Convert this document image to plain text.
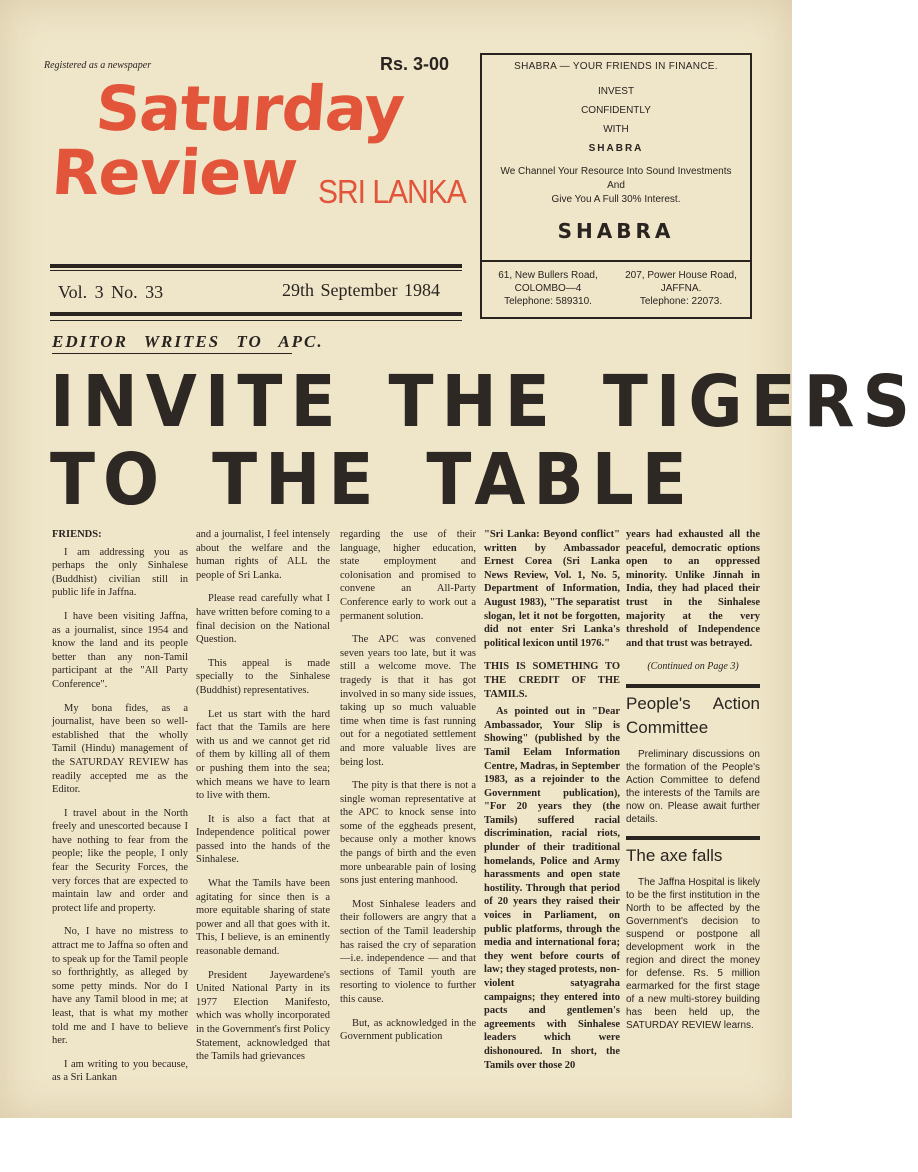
Registered as a newspaper	Rs. 3-00
Saturday
Review SRI LANKA
SHABRA — YOUR FRIENDS IN FINANCE.
INVEST
CONFIDENTLY
WITH
SHABRA
We Channel Your Resource Into Sound Investments
And
Give You A Full 30% Interest.
SHABRA
61, New Bullers Road,
COLOMBO—4
Telephone: 589310.
207, Power House Road,
JAFFNA.
Telephone: 22073.
Vol. 3 No. 33	29th September 1984
EDITOR WRITES TO APC.
INVITE THE TIGERS
TO THE TABLE
FRIENDS:

I am addressing you as perhaps the only Sinhalese (Buddhist) civilian still in public life in Jaffna.

I have been visiting Jaffna, as a journalist, since 1954 and know the land and its people better than any non-Tamil participant at the "All Party Conference".

My bona fides, as a journalist, have been so well-established that the wholly Tamil (Hindu) management of the SATURDAY REVIEW has readily accepted me as the Editor.

I travel about in the North freely and unescorted because I have nothing to fear from the people; like the people, I only fear the Security Forces, the very forces that are expected to maintain law and order and protect life and property.

No, I have no mistress to attract me to Jaffna so often and to speak up for the Tamil people so forthrightly, as alleged by some petty minds. Nor do I have any Tamil blood in me; at least, that is what my mother told me and I have to believe her.

I am writing to you because, as a Sri Lankan

and a journalist, I feel intensely about the welfare and the human rights of ALL the people of Sri Lanka.

Please read carefully what I have written before coming to a final decision on the National Question.

This appeal is made specially to the Sinhalese (Buddhist) representatives.

Let us start with the hard fact that the Tamils are here with us and we cannot get rid of them by killing all of them or pushing them into the sea; which means we have to learn to live with them.

It is also a fact that at Independence political power passed into the hands of the Sinhalese.

What the Tamils have been agitating for since then is a more equitable sharing of state power and all that goes with it. This, I believe, is an eminently reasonable demand.

President Jayewardene's United National Party in its 1977 Election Manifesto, which was wholly incorporated in the Government's first Policy Statement, acknowledged that the Tamils had grievances

regarding the use of their language, higher education, state employment and colonisation and promised to convene an All-Party Conference early to work out a permanent solution.

The APC was convened seven years too late, but it was still a welcome move. The tragedy is that it has got involved in so many side issues, taking up so much valuable time when time is fast running out for a negotiated settlement and more valuable lives are being lost.

The pity is that there is not a single woman representative at the APC to knock sense into some of the eggheads present, because only a mother knows the pangs of birth and the even more unbearable pain of losing sons just entering manhood.

Most Sinhalese leaders and their followers are angry that a section of the Tamil leadership has raised the cry of separation—i.e. independence — and that sections of Tamil youth are resorting to violence to further this cause.

But, as acknowledged in the Government publication

"Sri Lanka: Beyond conflict" written by Ambassador Ernest Corea (Sri Lanka News Review, Vol. 1, No. 5, Department of Information, August 1983), "The separatist slogan, let it not be forgotten, did not enter Sri Lanka's political lexicon until 1976."

THIS IS SOMETHING TO THE CREDIT OF THE TAMILS.

As pointed out in "Dear Ambassador, Your Slip is Showing" (published by the Tamil Eelam Information Centre, Madras, in September 1983, as a rejoinder to the Government publication), "For 20 years they (the Tamils) suffered racial discrimination, racial riots, plunder of their traditional homelands, Police and Army harassments and open state hostility. Through that period of 20 years they raised their voices in Parliament, on public platforms, through the media and international fora; they went before courts of law; they staged protests, non-violent satyagraha campaigns; they entered into pacts and gentlemen's agreements with Sinhalese leaders which were dishonoured. In short, the Tamils over those 20

years had exhausted all the peaceful, democratic options open to an oppressed minority. Unlike Jinnah in India, they had placed their trust in the Sinhalese majority at the very threshold of Independence and that trust was betrayed.

(Continued on Page 3)
People's Action Committee

Preliminary discussions on the formation of the People's Action Committee to defend the interests of the Tamils are now on. Please await further details.

The axe falls

The Jaffna Hospital is likely to be the first institution in the North to be affected by the Government's decision to suspend or postpone all development work in the region and direct the money for defense. Rs. 5 million earmarked for the first stage of a new multi-storey building has been held up, the SATURDAY REVIEW learns.
